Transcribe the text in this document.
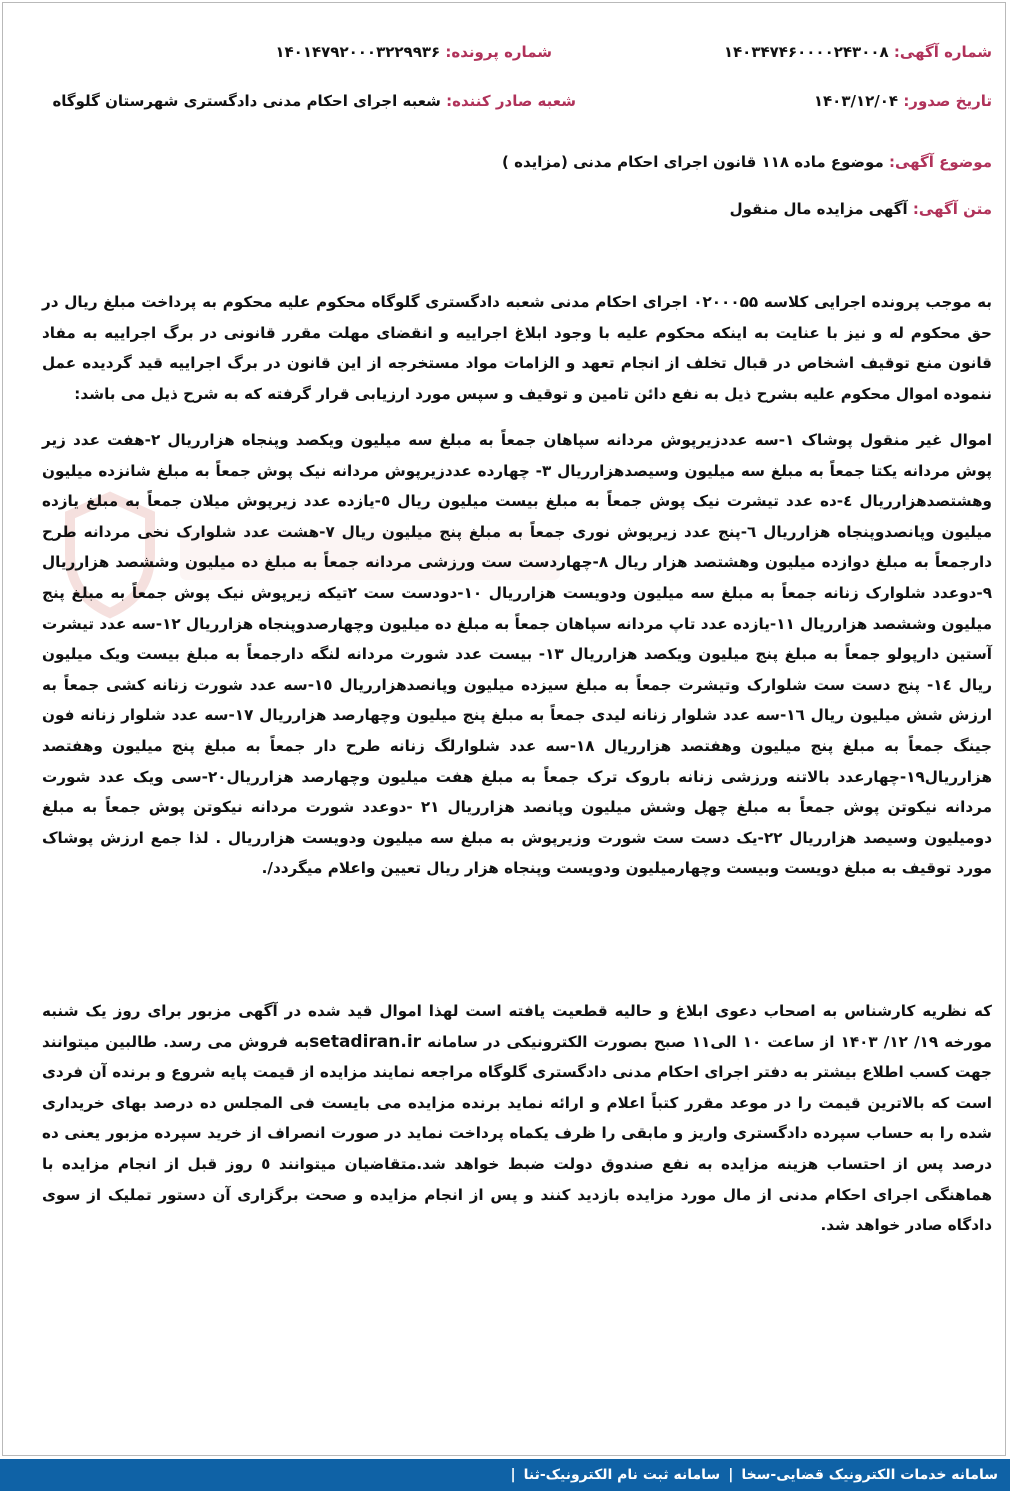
شماره آگهی: ۱۴۰۳۴۷۴۶۰۰۰۰۲۴۳۰۰۸
شماره پرونده: ۱۴۰۱۴۷۹۲۰۰۰۳۲۲۹۹۳۶
تاریخ صدور: ۱۴۰۳/۱۲/۰۴
شعبه صادر کننده: شعبه اجرای احکام مدنی دادگستری شهرستان گلوگاه
موضوع آگهی: موضوع ماده ۱۱۸ قانون اجرای احکام مدنی (مزایده )
متن آگهی: آگهی مزایده مال منقول

به موجب پرونده اجرایی کلاسه ۰۲۰۰۰۵۵ اجرای احکام مدنی شعبه دادگستری گلوگاه محکوم علیه محکوم به پرداخت مبلغ ریال در حق محکوم له و نیز با عنایت به اینکه محکوم علیه با وجود ابلاغ اجراییه و انقضای مهلت مقرر قانونی در برگ اجراییه به مفاد قانون منع توقیف اشخاص در قبال تخلف از انجام تعهد و الزامات مواد مستخرجه از این قانون در برگ اجراییه قید گردیده عمل ننموده اموال محکوم علیه بشرح ذیل به نفع دائن تامین و توقیف و سپس مورد ارزیابی قرار گرفته که به شرح ذیل می باشد:

اموال غیر منقول پوشاک ۱-سه عددزیرپوش مردانه سپاهان جمعاً به مبلغ سه میلیون ویکصد وپنجاه هزارریال ۲-هفت عدد زیر پوش مردانه یکتا جمعاً به مبلغ سه میلیون وسیصدهزارریال ۳- چهارده عددزیرپوش مردانه نیک پوش جمعاً به مبلغ شانزده میلیون وهشتصدهزارریال ٤-ده عدد تیشرت نیک پوش جمعاً به مبلغ بیست میلیون ریال ٥-یازده عدد زیرپوش میلان جمعاً به مبلغ یازده میلیون وپانصدوپنجاه هزارریال ٦-پنج عدد زیرپوش نوری جمعاً به مبلغ پنج میلیون ریال ۷-هشت عدد شلوارک نخی مردانه طرح دارجمعاً به مبلغ دوازده میلیون وهشتصد هزار ریال ۸-چهاردست ست ورزشی مردانه جمعاً به مبلغ ده میلیون وششصد هزارریال ۹-دوعدد شلوارک زنانه جمعاً به مبلغ سه میلیون ودویست هزارریال ۱۰-دودست ست ۲تیکه زیرپوش نیک پوش جمعاً به مبلغ پنج میلیون وششصد هزارریال ۱۱-یازده عدد تاپ مردانه سپاهان جمعاً به مبلغ ده میلیون وچهارصدوپنجاه هزارریال ۱۲-سه عدد تیشرت آستین دارپولو جمعاً به مبلغ پنج میلیون ویکصد هزارریال ۱۳- بیست عدد شورت مردانه لنگه دارجمعاً به مبلغ بیست ویک میلیون ریال ۱٤- پنج دست ست شلوارک وتیشرت جمعاً به مبلغ سیزده میلیون وپانصدهزارریال ۱٥-سه عدد شورت زنانه کشی جمعاً به ارزش شش میلیون ریال ۱٦-سه عدد شلوار زنانه لیدی جمعاً به مبلغ پنج میلیون وچهارصد هزارریال ۱۷-سه عدد شلوار زنانه فون جینگ جمعاً به مبلغ پنج میلیون وهفتصد هزارریال ۱۸-سه عدد شلوارلگ زنانه طرح دار جمعاً به مبلغ پنج میلیون وهفتصد هزارریال۱۹-چهارعدد بالاتنه ورزشی زنانه باروک ترک جمعاً به مبلغ هفت میلیون وچهارصد هزارریال۲۰-سی ویک عدد شورت مردانه نیکوتن پوش جمعاً به مبلغ چهل وشش میلیون وپانصد هزارریال ۲۱ -دوعدد شورت مردانه نیکوتن پوش جمعاً به مبلغ دومیلیون وسیصد هزارریال ۲۲-یک دست ست شورت وزیرپوش به مبلغ سه میلیون ودویست هزارریال . لذا جمع ارزش پوشاک مورد توقیف به مبلغ دویست وبیست وچهارمیلیون ودویست وپنجاه هزار ریال تعیین واعلام میگردد/.

که نظریه کارشناس به اصحاب دعوی ابلاغ و حالیه قطعیت یافته است لهذا اموال قید شده در آگهی مزبور برای روز یک شنبه مورخه ۱۹/ ۱۲/ ۱۴۰۳ از ساعت ۱۰ الی۱۱ صبح بصورت الکترونیکی در سامانه setadiran.irبه فروش می رسد. طالبین میتوانند جهت کسب اطلاع بیشتر به دفتر اجرای احکام مدنی دادگستری گلوگاه مراجعه نمایند مزایده از قیمت پایه شروع و برنده آن فردی است که بالاترین قیمت را در موعد مقرر کتباً اعلام و ارائه نماید برنده مزایده می بایست فی المجلس ده درصد بهای خریداری شده را به حساب سپرده دادگستری واریز و مابقی را ظرف یکماه پرداخت نماید در صورت انصراف از خرید سپرده مزبور یعنی ده درصد پس از احتساب هزینه مزایده به نفع صندوق دولت ضبط خواهد شد.متقاضیان میتوانند ٥ روز قبل از انجام مزایده با هماهنگی اجرای احکام مدنی از مال مورد مزایده بازدید کنند و پس از انجام مزایده و صحت برگزاری آن دستور تملیک از سوی دادگاه صادر خواهد شد.

سامانه خدمات الکترونیک قضایی-سخا
|
سامانه ثبت نام الکترونیک-ثنا
|
